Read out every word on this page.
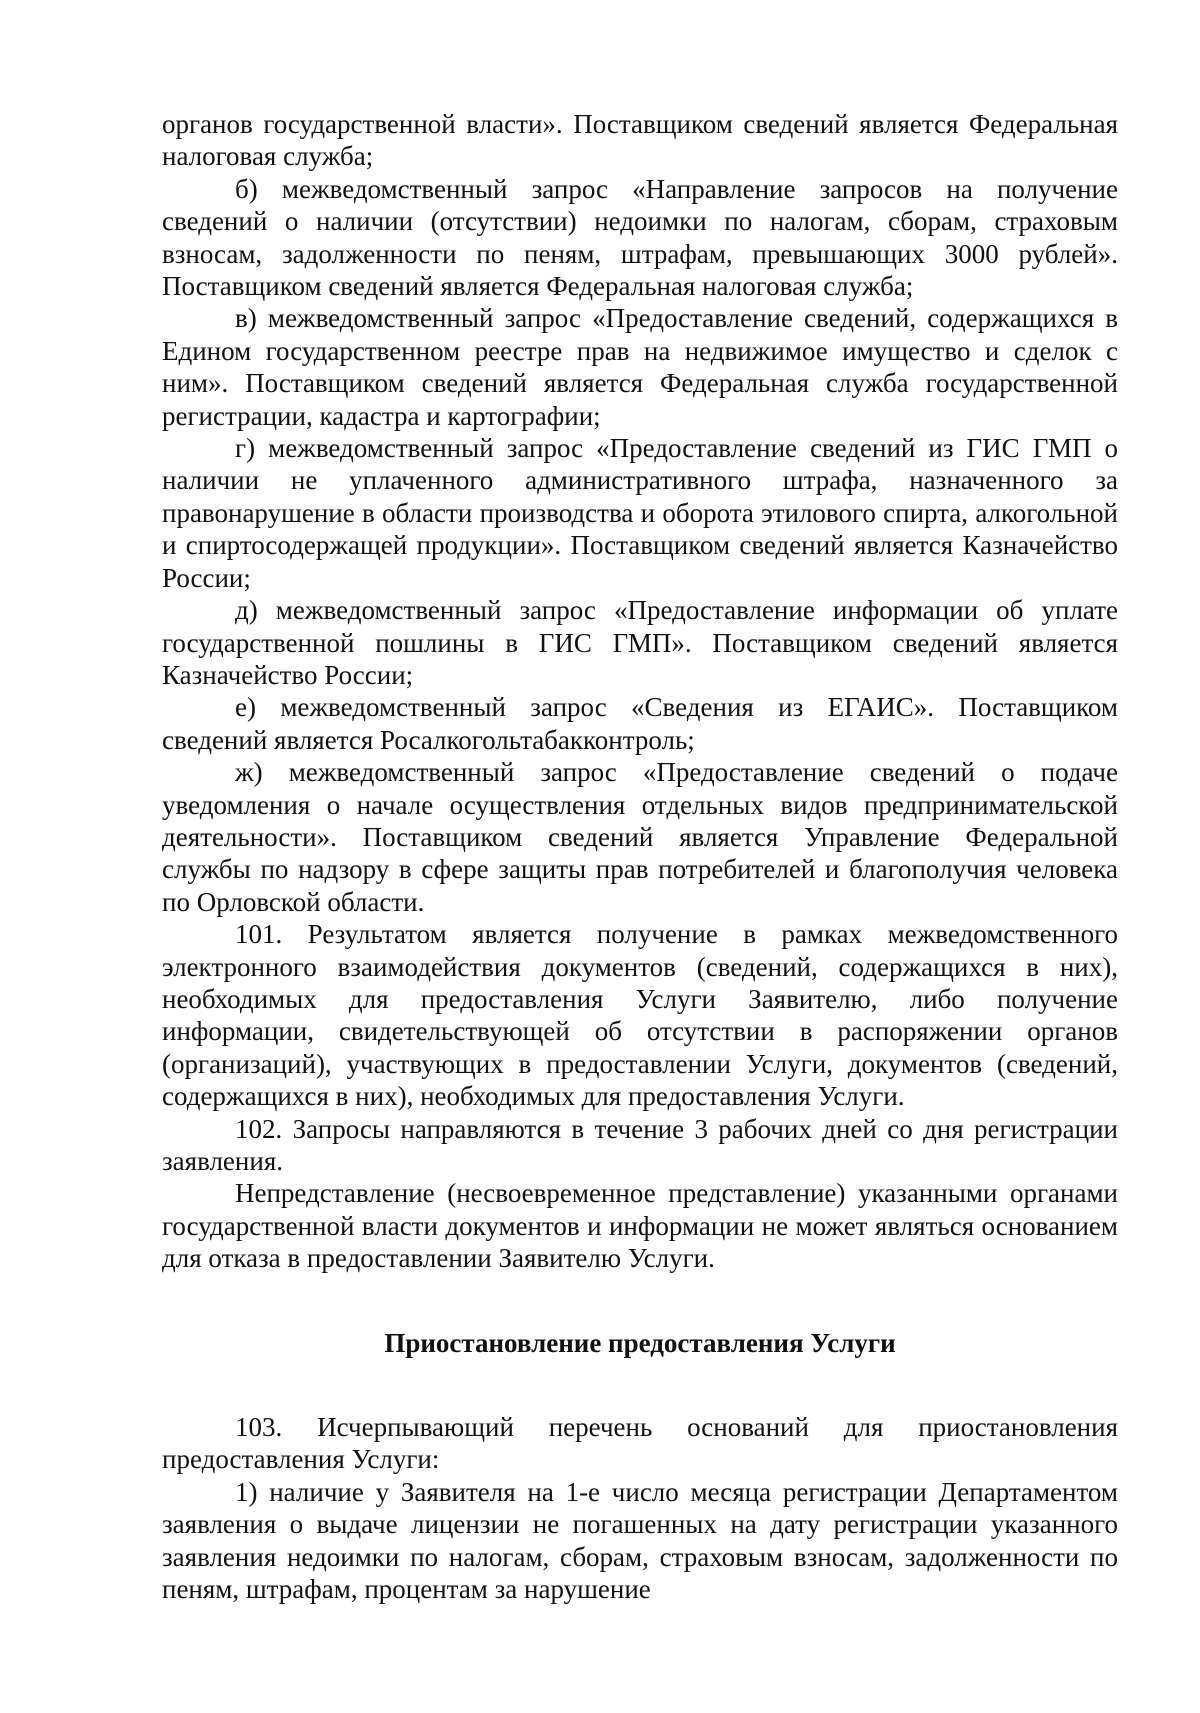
органов государственной власти». Поставщиком сведений является Федеральная налоговая служба;

б) межведомственный запрос «Направление запросов на получение сведений о наличии (отсутствии) недоимки по налогам, сборам, страховым взносам, задолженности по пеням, штрафам, превышающих 3000 рублей». Поставщиком сведений является Федеральная налоговая служба;

в) межведомственный запрос «Предоставление сведений, содержащихся в Едином государственном реестре прав на недвижимое имущество и сделок с ним». Поставщиком сведений является Федеральная служба государственной регистрации, кадастра и картографии;

г) межведомственный запрос «Предоставление сведений из ГИС ГМП о наличии не уплаченного административного штрафа, назначенного за правонарушение в области производства и оборота этилового спирта, алкогольной и спиртосодержащей продукции». Поставщиком сведений является Казначейство России;

д) межведомственный запрос «Предоставление информации об уплате государственной пошлины в ГИС ГМП». Поставщиком сведений является Казначейство России;

е) межведомственный запрос «Сведения из ЕГАИС». Поставщиком сведений является Росалкогольтабакконтроль;

ж) межведомственный запрос «Предоставление сведений о подаче уведомления о начале осуществления отдельных видов предпринимательской деятельности». Поставщиком сведений является Управление Федеральной службы по надзору в сфере защиты прав потребителей и благополучия человека по Орловской области.

101. Результатом является получение в рамках межведомственного электронного взаимодействия документов (сведений, содержащихся в них), необходимых для предоставления Услуги Заявителю, либо получение информации, свидетельствующей об отсутствии в распоряжении органов (организаций), участвующих в предоставлении Услуги, документов (сведений, содержащихся в них), необходимых для предоставления Услуги.

102. Запросы направляются в течение 3 рабочих дней со дня регистрации заявления.

Непредставление (несвоевременное представление) указанными органами государственной власти документов и информации не может являться основанием для отказа в предоставлении Заявителю Услуги.

Приостановление предоставления Услуги

103. Исчерпывающий перечень оснований для приостановления предоставления Услуги:

1) наличие у Заявителя на 1-е число месяца регистрации Департаментом заявления о выдаче лицензии не погашенных на дату регистрации указанного заявления недоимки по налогам, сборам, страховым взносам, задолженности по пеням, штрафам, процентам за нарушение
